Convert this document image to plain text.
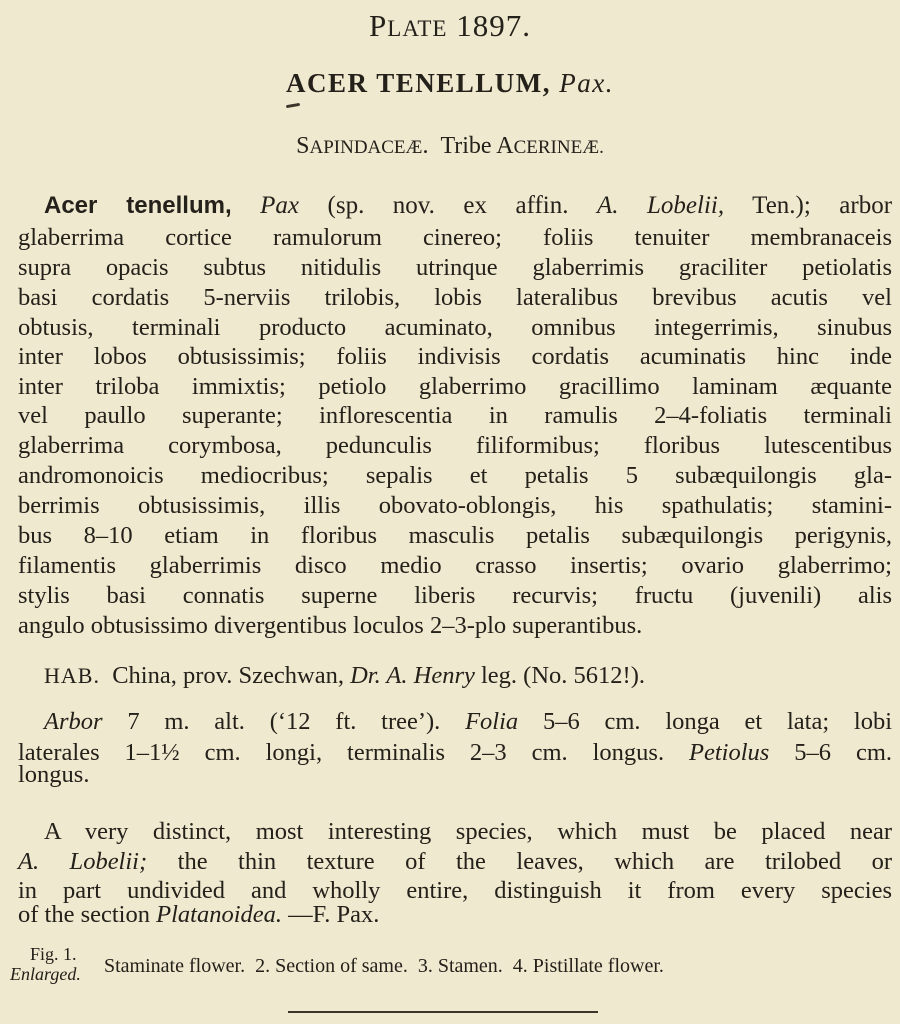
PLATE 1897.
ACER TENELLUM, Pax.
SAPINDACEÆ. Tribe ACERINEÆ.
Acer tenellum, Pax (sp. nov. ex affin. A. Lobelii, Ten.); arbor
glaberrima cortice ramulorum cinereo; foliis tenuiter membranaceis
supra opacis subtus nitidulis utrinque glaberrimis graciliter petiolatis
basi cordatis 5-nerviis trilobis, lobis lateralibus brevibus acutis vel
obtusis, terminali producto acuminato, omnibus integerrimis, sinubus
inter lobos obtusissimis; foliis indivisis cordatis acuminatis hinc inde
inter triloba immixtis; petiolo glaberrimo gracillimo laminam æquante
vel paullo superante; inflorescentia in ramulis 2–4-foliatis terminali
glaberrima corymbosa, pedunculis filiformibus; floribus lutescentibus
andromonoicis mediocribus; sepalis et petalis 5 subæquilongis gla-
berrimis obtusissimis, illis obovato-oblongis, his spathulatis; stamini-
bus 8–10 etiam in floribus masculis petalis subæquilongis perigynis,
filamentis glaberrimis disco medio crasso insertis; ovario glaberrimo;
stylis basi connatis superne liberis recurvis; fructu (juvenili) alis
angulo obtusissimo divergentibus loculos 2–3-plo superantibus.
HAB. China, prov. Szechwan, Dr. A. Henry leg. (No. 5612!).
Arbor 7 m. alt. (‘12 ft. tree’). Folia 5–6 cm. longa et lata; lobi
laterales 1–1½ cm. longi, terminalis 2–3 cm. longus. Petiolus 5–6 cm.
longus.
A very distinct, most interesting species, which must be placed near
A. Lobelii; the thin texture of the leaves, which are trilobed or
in part undivided and wholly entire, distinguish it from every species
of the section Platanoidea. —F. Pax.
Fig. 1.
Enlarged. Staminate flower.  2. Section of same.  3. Stamen.  4. Pistillate flower.
